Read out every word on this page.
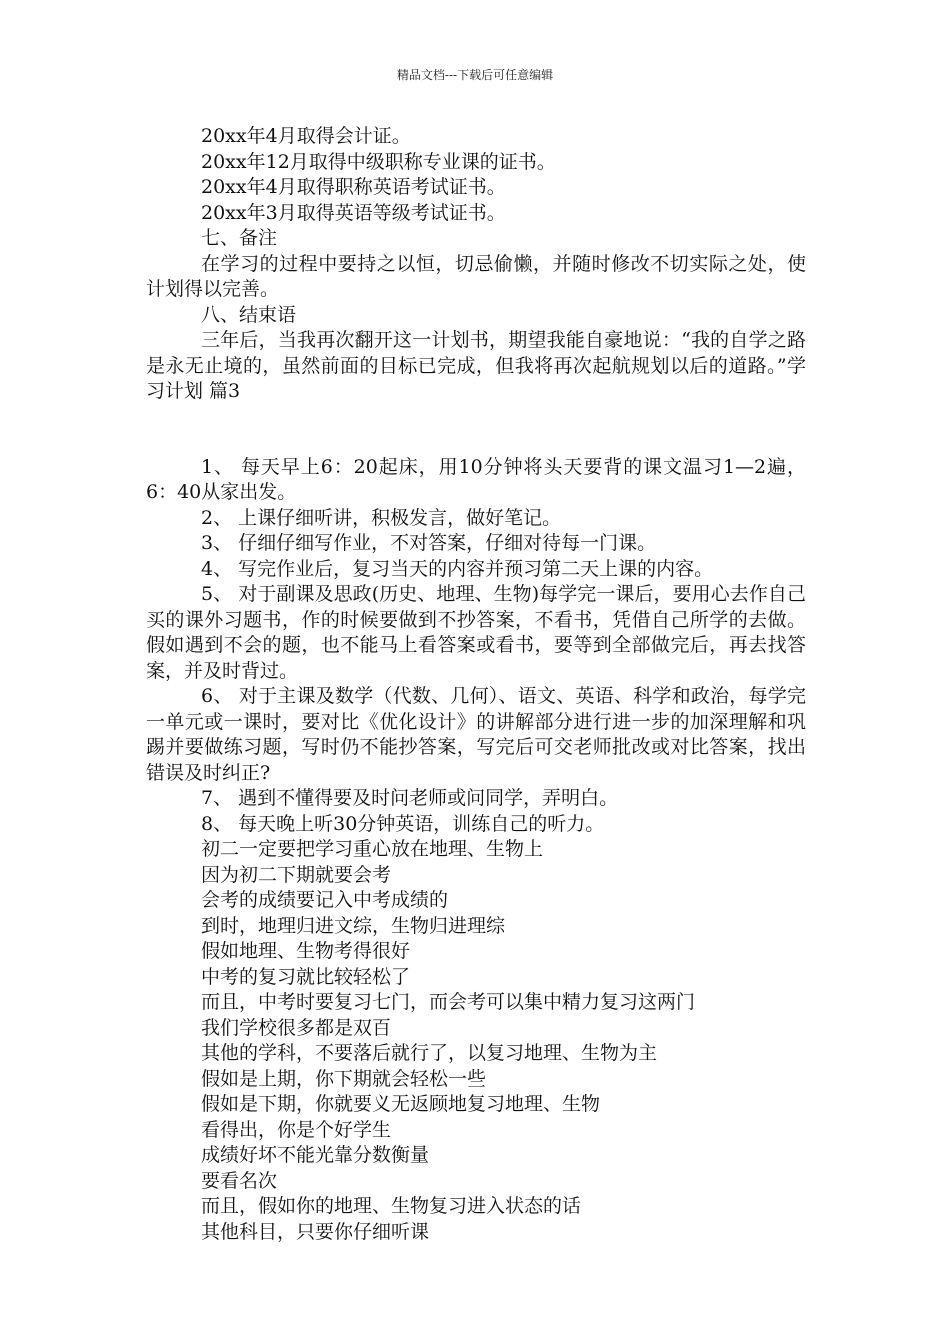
精品文档---下载后可任意编辑

20xx年4月取得会计证。

20xx年12月取得中级职称专业课的证书。

20xx年4月取得职称英语考试证书。

20xx年3月取得英语等级考试证书。

七、备注

在学习的过程中要持之以恒，切忌偷懒，并随时修改不切实际之处，使计划得以完善。

八、结束语

三年后，当我再次翻开这一计划书，期望我能自豪地说：“我的自学之路是永无止境的，虽然前面的目标已完成，但我将再次起航规划以后的道路。”学习计划 篇3

1、 每天早上6：20起床，用10分钟将头天要背的课文温习1—2遍，6：40从家出发。

2、 上课仔细听讲，积极发言，做好笔记。

3、 仔细仔细写作业，不对答案，仔细对待每一门课。

4、 写完作业后，复习当天的内容并预习第二天上课的内容。

5、 对于副课及思政(历史、地理、生物)每学完一课后，要用心去作自己买的课外习题书，作的时候要做到不抄答案，不看书，凭借自己所学的去做。假如遇到不会的题，也不能马上看答案或看书，要等到全部做完后，再去找答案，并及时背过。

6、 对于主课及数学（代数、几何）、语文、英语、科学和政治，每学完一单元或一课时，要对比《优化设计》的讲解部分进行进一步的加深理解和巩踢并要做练习题，写时仍不能抄答案，写完后可交老师批改或对比答案，找出错误及时纠正?

7、 遇到不懂得要及时问老师或问同学，弄明白。

8、 每天晚上听30分钟英语，训练自己的听力。

初二一定要把学习重心放在地理、生物上

因为初二下期就要会考

会考的成绩要记入中考成绩的

到时，地理归进文综，生物归进理综

假如地理、生物考得很好

中考的复习就比较轻松了

而且，中考时要复习七门，而会考可以集中精力复习这两门

我们学校很多都是双百

其他的学科，不要落后就行了，以复习地理、生物为主

假如是上期，你下期就会轻松一些

假如是下期，你就要义无返顾地复习地理、生物

看得出，你是个好学生

成绩好坏不能光靠分数衡量

要看名次

而且，假如你的地理、生物复习进入状态的话

其他科目，只要你仔细听课
